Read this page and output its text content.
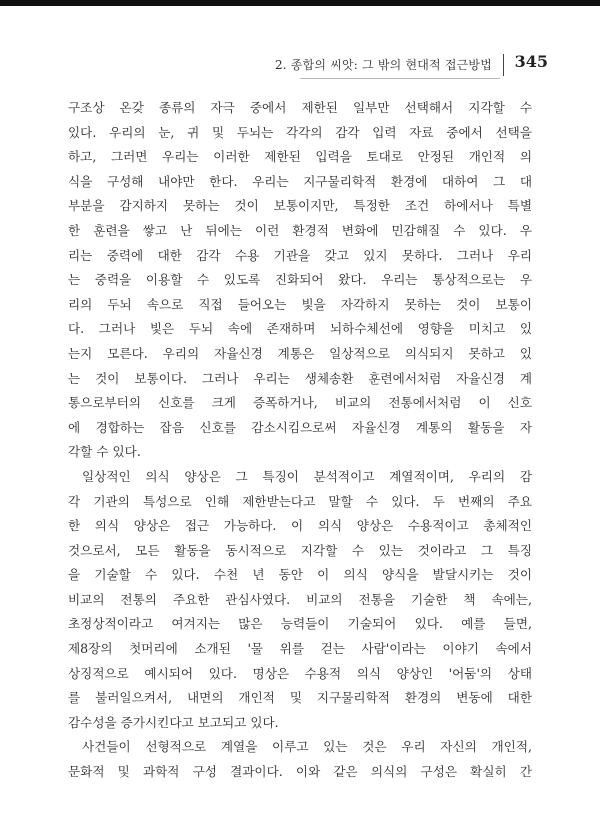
2. 종합의 씨앗: 그 밖의 현대적 접근방법 345
구조상 온갖 종류의 자극 중에서 제한된 일부만 선택해서 지각할 수
있다. 우리의 눈, 귀 및 두뇌는 각각의 감각 입력 자료 중에서 선택을
하고, 그러면 우리는 이러한 제한된 입력을 토대로 안정된 개인적 의
식을 구성해 내야만 한다. 우리는 지구물리학적 환경에 대하여 그 대
부분을 감지하지 못하는 것이 보통이지만, 특정한 조건 하에서나 특별
한 훈련을 쌓고 난 뒤에는 이런 환경적 변화에 민감해질 수 있다. 우
리는 중력에 대한 감각 수용 기관을 갖고 있지 못하다. 그러나 우리
는 중력을 이용할 수 있도록 진화되어 왔다. 우리는 통상적으로는 우
리의 두뇌 속으로 직접 들어오는 빛을 자각하지 못하는 것이 보통이
다. 그러나 빛은 두뇌 속에 존재하며 뇌하수체선에 영향을 미치고 있
는지 모른다. 우리의 자율신경 계통은 일상적으로 의식되지 못하고 있
는 것이 보통이다. 그러나 우리는 생체송환 훈련에서처럼 자율신경 계
통으로부터의 신호를 크게 증폭하거나, 비교의 전통에서처럼 이 신호
에 경합하는 잡음 신호를 감소시킴으로써 자율신경 계통의 활동을 자
각할 수 있다.
일상적인 의식 양상은 그 특징이 분석적이고 계열적이며, 우리의 감
각 기관의 특성으로 인해 제한받는다고 말할 수 있다. 두 번째의 주요
한 의식 양상은 접근 가능하다. 이 의식 양상은 수용적이고 총체적인
것으로서, 모든 활동을 동시적으로 지각할 수 있는 것이라고 그 특징
을 기술할 수 있다. 수천 년 동안 이 의식 양식을 발달시키는 것이
비교의 전통의 주요한 관심사였다. 비교의 전통을 기술한 책 속에는,
초정상적이라고 여겨지는 많은 능력들이 기술되어 있다. 예를 들면,
제8장의 첫머리에 소개된 '물 위를 걷는 사람'이라는 이야기 속에서
상징적으로 예시되어 있다. 명상은 수용적 의식 양상인 '어둠'의 상태
를 불러일으켜서, 내면의 개인적 및 지구물리학적 환경의 변동에 대한
감수성을 증가시킨다고 보고되고 있다.
사건들이 선형적으로 계열을 이루고 있는 것은 우리 자신의 개인적,
문화적 및 과학적 구성 결과이다. 이와 같은 의식의 구성은 확실히 간
